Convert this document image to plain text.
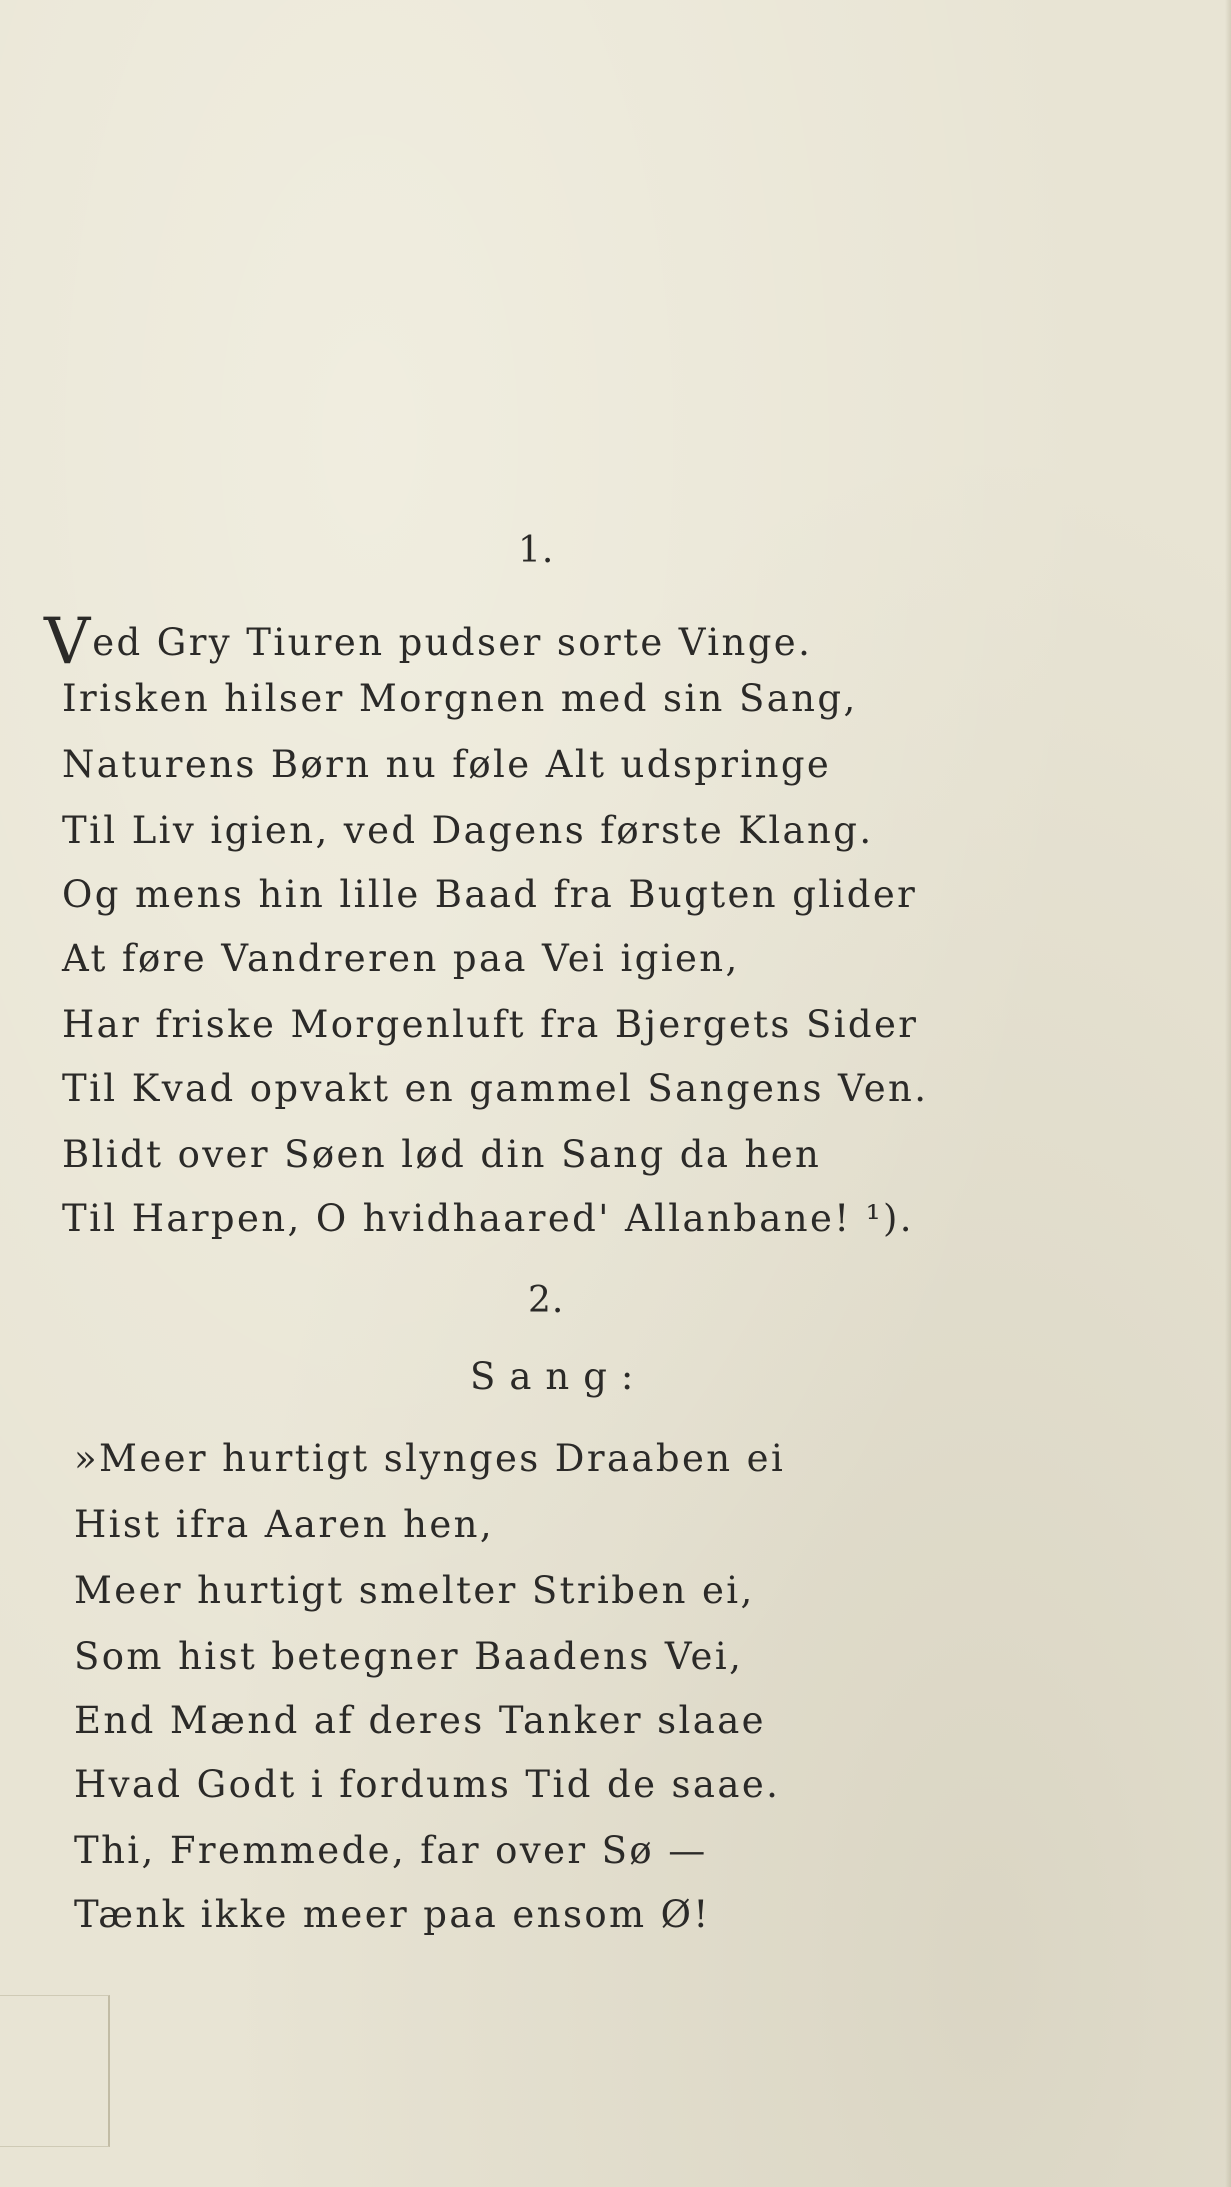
1.
Ved Gry Tiuren pudser sorte Vinge.
Irisken hilser Morgnen med sin Sang,
Naturens Børn nu føle Alt udspringe
Til Liv igien, ved Dagens første Klang.
Og mens hin lille Baad fra Bugten glider
At føre Vandreren paa Vei igien,
Har friske Morgenluft fra Bjergets Sider
Til Kvad opvakt en gammel Sangens Ven.
Blidt over Søen lød din Sang da hen
Til Harpen, O hvidhaared' Allanbane! ¹).
2.
Sang:
»Meer hurtigt slynges Draaben ei
Hist ifra Aaren hen,
Meer hurtigt smelter Striben ei,
Som hist betegner Baadens Vei,
End Mænd af deres Tanker slaae
Hvad Godt i fordums Tid de saae.
Thi, Fremmede, far over Sø —
Tænk ikke meer paa ensom Ø!
